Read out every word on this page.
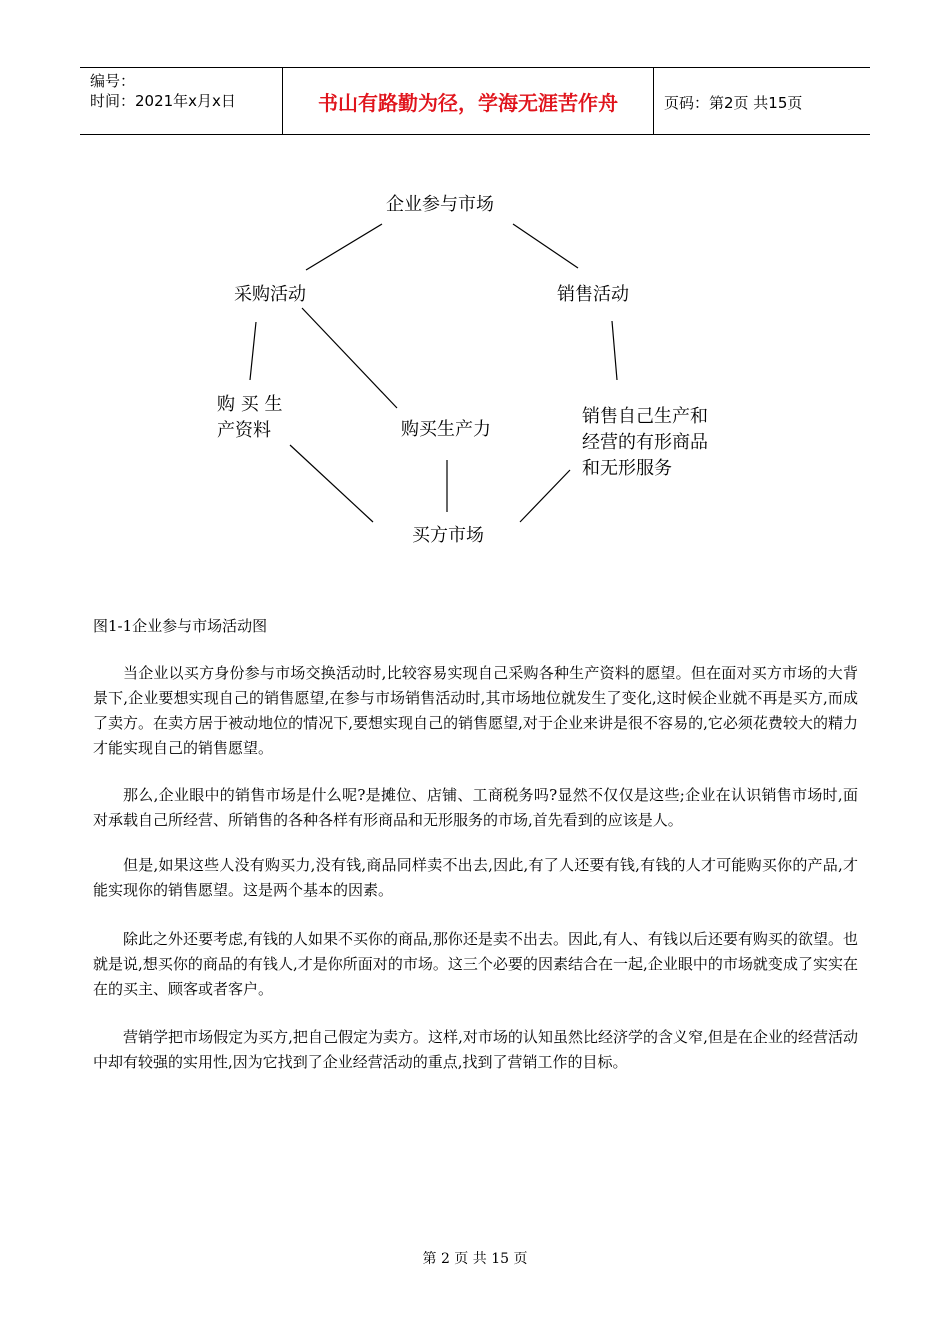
编号：
时间：2021年x月x日	书山有路勤为径，学海无涯苦作舟	页码：第2页 共15页
企业参与市场
采购活动	销售活动
购 买 生
产资料	购买生产力
销售自己生产和
经营的有形商品
和无形服务
买方市场
图1-1企业参与市场活动图

当企业以买方身份参与市场交换活动时,比较容易实现自己采购各种生产资料的愿望。但在面对买方市场的大背景下,企业要想实现自己的销售愿望,在参与市场销售活动时,其市场地位就发生了变化,这时候企业就不再是买方,而成了卖方。在卖方居于被动地位的情况下,要想实现自己的销售愿望,对于企业来讲是很不容易的,它必须花费较大的精力才能实现自己的销售愿望。

那么,企业眼中的销售市场是什么呢?是摊位、店铺、工商税务吗?显然不仅仅是这些;企业在认识销售市场时,面对承载自己所经营、所销售的各种各样有形商品和无形服务的市场,首先看到的应该是人。

但是,如果这些人没有购买力,没有钱,商品同样卖不出去,因此,有了人还要有钱,有钱的人才可能购买你的产品,才能实现你的销售愿望。这是两个基本的因素。

除此之外还要考虑,有钱的人如果不买你的商品,那你还是卖不出去。因此,有人、有钱以后还要有购买的欲望。也就是说,想买你的商品的有钱人,才是你所面对的市场。这三个必要的因素结合在一起,企业眼中的市场就变成了实实在在的买主、顾客或者客户。

营销学把市场假定为买方,把自己假定为卖方。这样,对市场的认知虽然比经济学的含义窄,但是在企业的经营活动中却有较强的实用性,因为它找到了企业经营活动的重点,找到了营销工作的目标。

第 2 页 共 15 页
